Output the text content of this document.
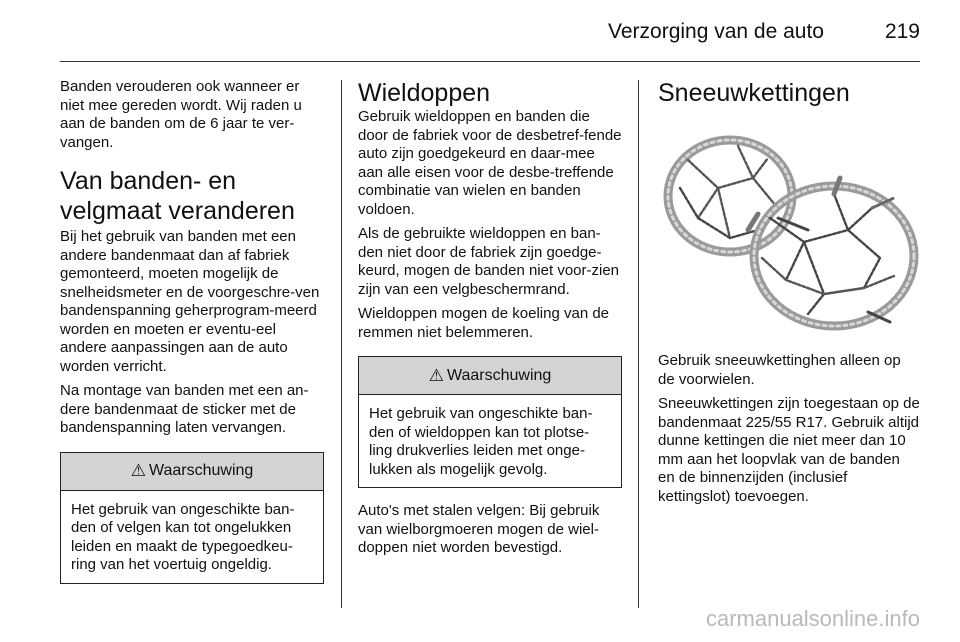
Verzorging van de auto	219

Banden verouderen ook wanneer er niet mee gereden wordt. Wij raden u aan de banden om de 6 jaar te ver-vangen.

Van banden- en velgmaat veranderen

Bij het gebruik van banden met een andere bandenmaat dan af fabriek gemonteerd, moeten mogelijk de snelheidsmeter en de voorgeschre-ven bandenspanning geherprogram-meerd worden en moeten er eventu-eel andere aanpassingen aan de auto worden verricht.

Na montage van banden met een an-dere bandenmaat de sticker met de bandenspanning laten vervangen.

⚠ Waarschuwing

Het gebruik van ongeschikte ban-den of velgen kan tot ongelukken leiden en maakt de typegoedkeu-ring van het voertuig ongeldig.

Wieldoppen

Gebruik wieldoppen en banden die door de fabriek voor de desbetref-fende auto zijn goedgekeurd en daar-mee aan alle eisen voor de desbe-treffende combinatie van wielen en banden voldoen.

Als de gebruikte wieldoppen en ban-den niet door de fabriek zijn goedge-keurd, mogen de banden niet voor-zien zijn van een velgbeschermrand.

Wieldoppen mogen de koeling van de remmen niet belemmeren.

⚠ Waarschuwing

Het gebruik van ongeschikte ban-den of wieldoppen kan tot plotse-ling drukverlies leiden met onge-lukken als mogelijk gevolg.

Auto's met stalen velgen: Bij gebruik van wielborgmoeren mogen de wiel-doppen niet worden bevestigd.

Sneeuwkettingen

Gebruik sneeuwkettinghen alleen op de voorwielen.

Sneeuwkettingen zijn toegestaan op de bandenmaat 225/55 R17. Gebruik altijd dunne kettingen die niet meer dan 10 mm aan het loopvlak van de banden en de binnenzijden (inclusief kettingslot) toevoegen.

carmanualsonline.info
